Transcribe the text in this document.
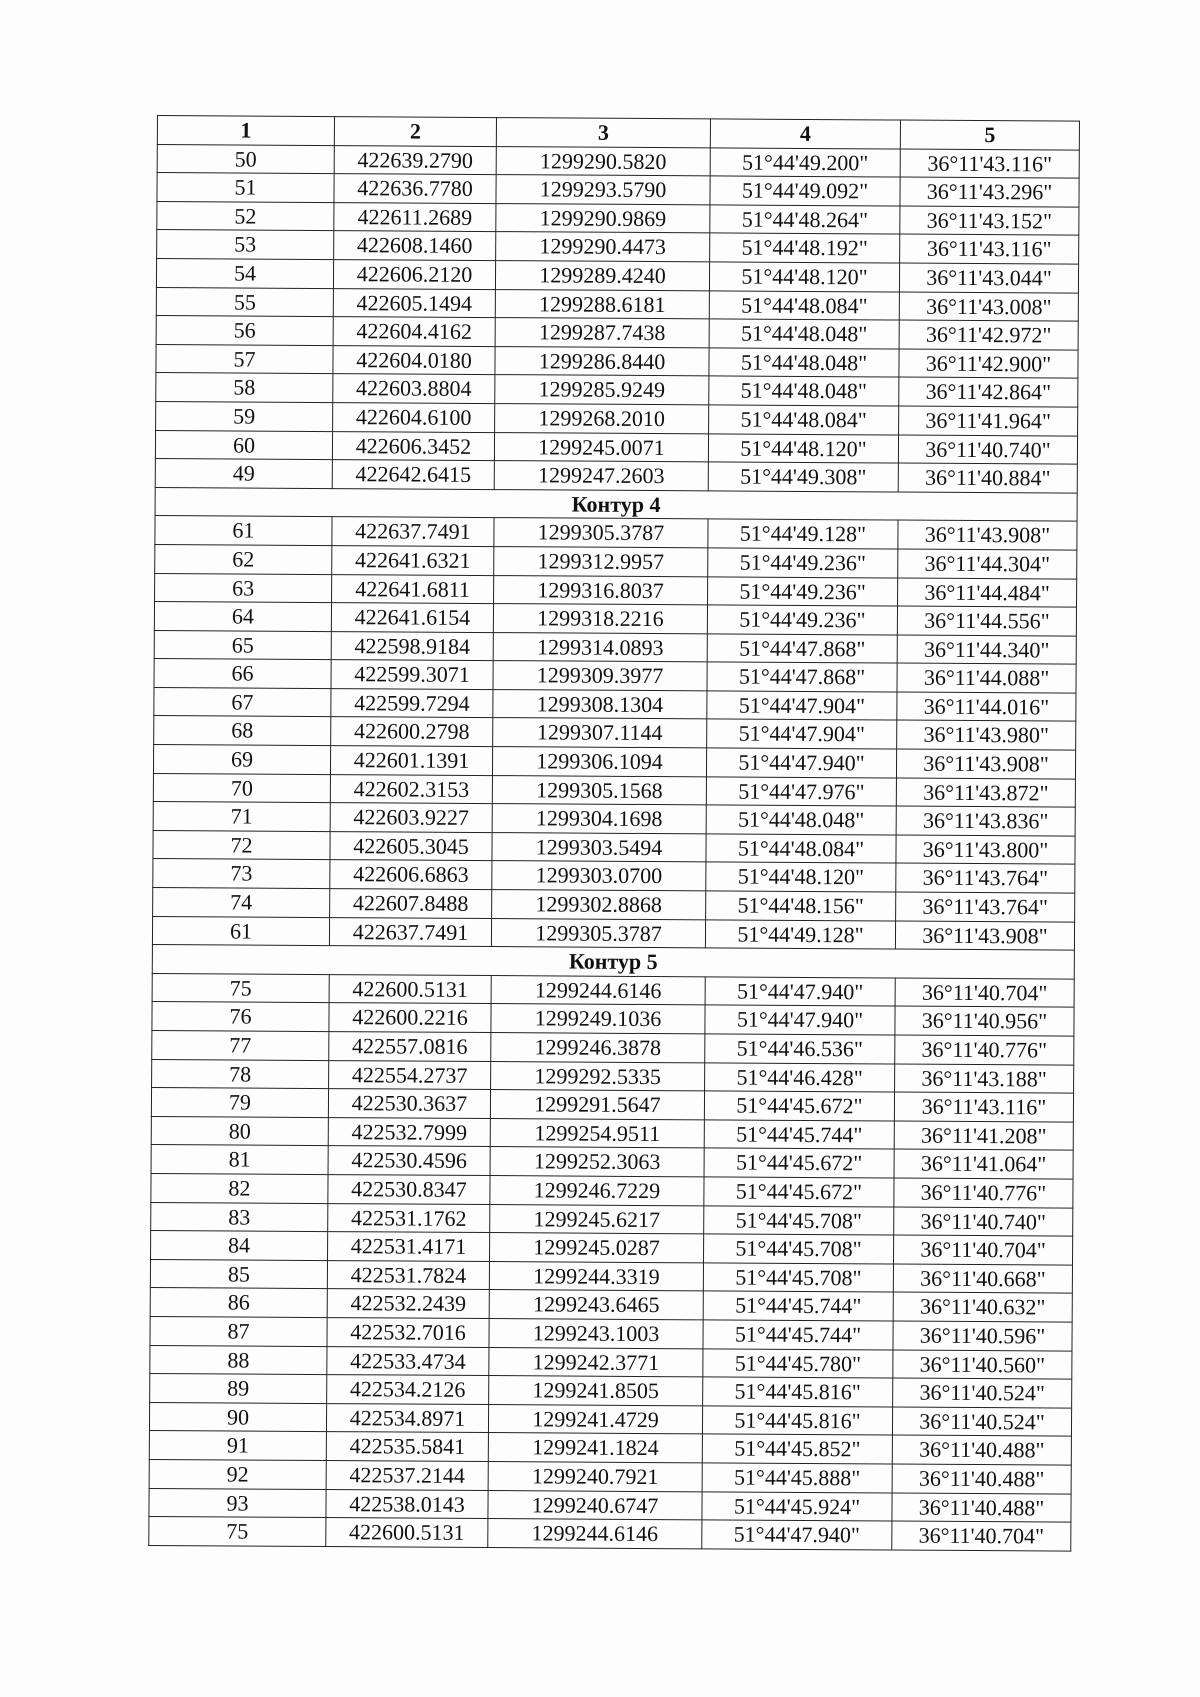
1	2	3	4	5
50	422639.2790	1299290.5820	51°44'49.200"	36°11'43.116"
51	422636.7780	1299293.5790	51°44'49.092"	36°11'43.296"
52	422611.2689	1299290.9869	51°44'48.264"	36°11'43.152"
53	422608.1460	1299290.4473	51°44'48.192"	36°11'43.116"
54	422606.2120	1299289.4240	51°44'48.120"	36°11'43.044"
55	422605.1494	1299288.6181	51°44'48.084"	36°11'43.008"
56	422604.4162	1299287.7438	51°44'48.048"	36°11'42.972"
57	422604.0180	1299286.8440	51°44'48.048"	36°11'42.900"
58	422603.8804	1299285.9249	51°44'48.048"	36°11'42.864"
59	422604.6100	1299268.2010	51°44'48.084"	36°11'41.964"
60	422606.3452	1299245.0071	51°44'48.120"	36°11'40.740"
49	422642.6415	1299247.2603	51°44'49.308"	36°11'40.884"
Контур 4				
61	422637.7491	1299305.3787	51°44'49.128"	36°11'43.908"
62	422641.6321	1299312.9957	51°44'49.236"	36°11'44.304"
63	422641.6811	1299316.8037	51°44'49.236"	36°11'44.484"
64	422641.6154	1299318.2216	51°44'49.236"	36°11'44.556"
65	422598.9184	1299314.0893	51°44'47.868"	36°11'44.340"
66	422599.3071	1299309.3977	51°44'47.868"	36°11'44.088"
67	422599.7294	1299308.1304	51°44'47.904"	36°11'44.016"
68	422600.2798	1299307.1144	51°44'47.904"	36°11'43.980"
69	422601.1391	1299306.1094	51°44'47.940"	36°11'43.908"
70	422602.3153	1299305.1568	51°44'47.976"	36°11'43.872"
71	422603.9227	1299304.1698	51°44'48.048"	36°11'43.836"
72	422605.3045	1299303.5494	51°44'48.084"	36°11'43.800"
73	422606.6863	1299303.0700	51°44'48.120"	36°11'43.764"
74	422607.8488	1299302.8868	51°44'48.156"	36°11'43.764"
61	422637.7491	1299305.3787	51°44'49.128"	36°11'43.908"
Контур 5				
75	422600.5131	1299244.6146	51°44'47.940"	36°11'40.704"
76	422600.2216	1299249.1036	51°44'47.940"	36°11'40.956"
77	422557.0816	1299246.3878	51°44'46.536"	36°11'40.776"
78	422554.2737	1299292.5335	51°44'46.428"	36°11'43.188"
79	422530.3637	1299291.5647	51°44'45.672"	36°11'43.116"
80	422532.7999	1299254.9511	51°44'45.744"	36°11'41.208"
81	422530.4596	1299252.3063	51°44'45.672"	36°11'41.064"
82	422530.8347	1299246.7229	51°44'45.672"	36°11'40.776"
83	422531.1762	1299245.6217	51°44'45.708"	36°11'40.740"
84	422531.4171	1299245.0287	51°44'45.708"	36°11'40.704"
85	422531.7824	1299244.3319	51°44'45.708"	36°11'40.668"
86	422532.2439	1299243.6465	51°44'45.744"	36°11'40.632"
87	422532.7016	1299243.1003	51°44'45.744"	36°11'40.596"
88	422533.4734	1299242.3771	51°44'45.780"	36°11'40.560"
89	422534.2126	1299241.8505	51°44'45.816"	36°11'40.524"
90	422534.8971	1299241.4729	51°44'45.816"	36°11'40.524"
91	422535.5841	1299241.1824	51°44'45.852"	36°11'40.488"
92	422537.2144	1299240.7921	51°44'45.888"	36°11'40.488"
93	422538.0143	1299240.6747	51°44'45.924"	36°11'40.488"
75	422600.5131	1299244.6146	51°44'47.940"	36°11'40.704"
